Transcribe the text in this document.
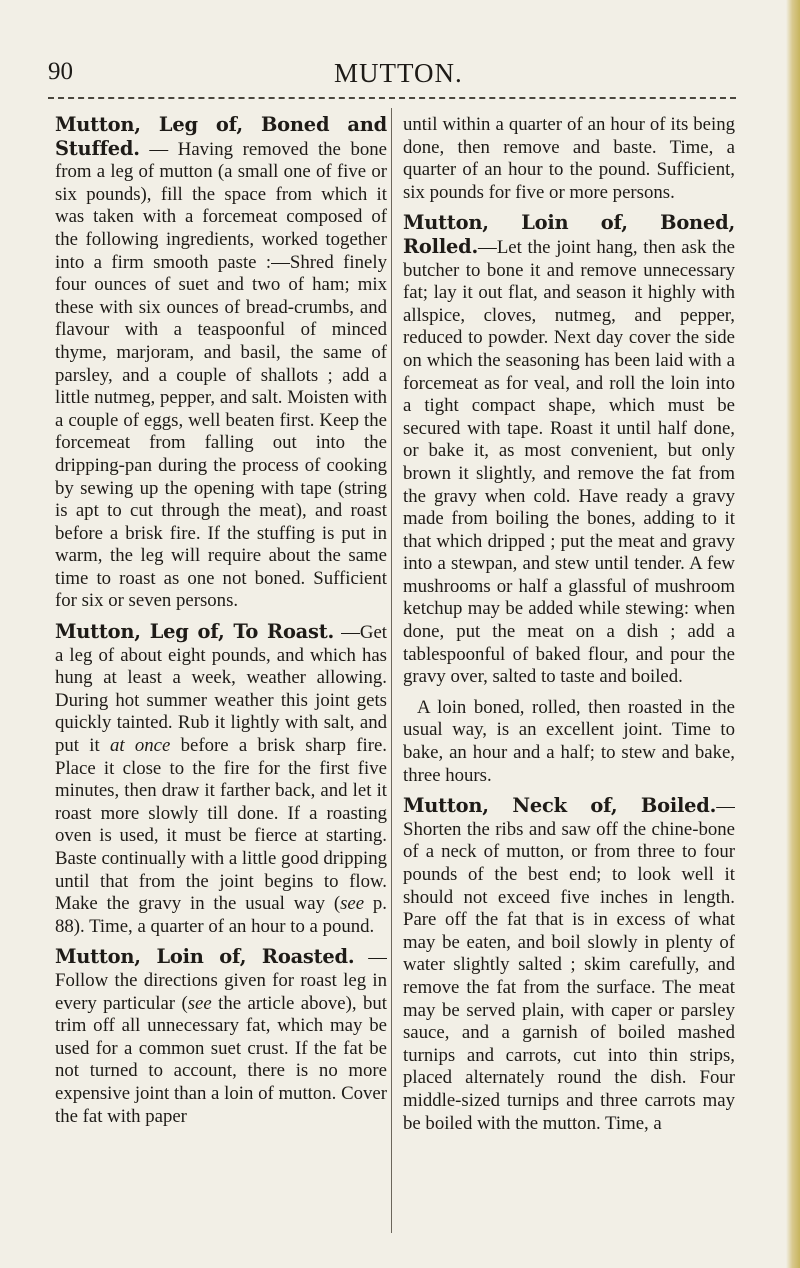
90	MUTTON.

Mutton, Leg of, Boned and Stuffed. — Having removed the bone from a leg of mutton (a small one of five or six pounds), fill the space from which it was taken with a forcemeat composed of the following ingredients, worked together into a firm smooth paste :—Shred finely four ounces of suet and two of ham; mix these with six ounces of bread-crumbs, and flavour with a teaspoonful of minced thyme, marjoram, and basil, the same of parsley, and a couple of shallots ; add a little nutmeg, pepper, and salt. Moisten with a couple of eggs, well beaten first. Keep the forcemeat from falling out into the dripping-pan during the process of cooking by sewing up the opening with tape (string is apt to cut through the meat), and roast before a brisk fire. If the stuffing is put in warm, the leg will require about the same time to roast as one not boned. Sufficient for six or seven persons.

Mutton, Leg of, To Roast. —Get a leg of about eight pounds, and which has hung at least a week, weather allowing. During hot summer weather this joint gets quickly tainted. Rub it lightly with salt, and put it at once before a brisk sharp fire. Place it close to the fire for the first five minutes, then draw it farther back, and let it roast more slowly till done. If a roasting oven is used, it must be fierce at starting. Baste continually with a little good dripping until that from the joint begins to flow. Make the gravy in the usual way (see p. 88). Time, a quarter of an hour to a pound.

Mutton, Loin of, Roasted. —Follow the directions given for roast leg in every particular (see the article above), but trim off all unnecessary fat, which may be used for a common suet crust. If the fat be not turned to account, there is no more expensive joint than a loin of mutton. Cover the fat with paper

until within a quarter of an hour of its being done, then remove and baste. Time, a quarter of an hour to the pound. Sufficient, six pounds for five or more persons.

Mutton, Loin of, Boned, Rolled.—Let the joint hang, then ask the butcher to bone it and remove unnecessary fat; lay it out flat, and season it highly with allspice, cloves, nutmeg, and pepper, reduced to powder. Next day cover the side on which the seasoning has been laid with a forcemeat as for veal, and roll the loin into a tight compact shape, which must be secured with tape. Roast it until half done, or bake it, as most convenient, but only brown it slightly, and remove the fat from the gravy when cold. Have ready a gravy made from boiling the bones, adding to it that which dripped ; put the meat and gravy into a stewpan, and stew until tender. A few mushrooms or half a glassful of mushroom ketchup may be added while stewing: when done, put the meat on a dish ; add a tablespoonful of baked flour, and pour the gravy over, salted to taste and boiled.

A loin boned, rolled, then roasted in the usual way, is an excellent joint. Time to bake, an hour and a half; to stew and bake, three hours.

Mutton, Neck of, Boiled.— Shorten the ribs and saw off the chine-bone of a neck of mutton, or from three to four pounds of the best end; to look well it should not exceed five inches in length. Pare off the fat that is in excess of what may be eaten, and boil slowly in plenty of water slightly salted ; skim carefully, and remove the fat from the surface. The meat may be served plain, with caper or parsley sauce, and a garnish of boiled mashed turnips and carrots, cut into thin strips, placed alternately round the dish. Four middle-sized turnips and three carrots may be boiled with the mutton. Time, a
